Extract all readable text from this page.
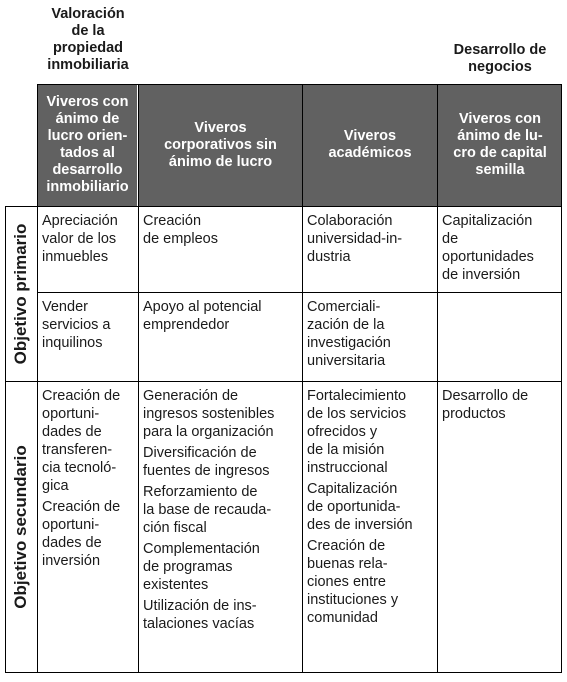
Valoración
de la
propiedad
inmobiliaria
Desarrollo de
negocios
Viveros con
ánimo de lucro orien-
tados al
desarrollo
inmobiliario
Viveros
corporativos sin
ánimo de lucro
Viveros
académicos
Viveros con
ánimo de lu-
cro de capital
semilla
Objetivo primario
Objetivo secundario

Apreciación
valor de los
inmuebles

Creación
de empleos

Colaboración
universidad-in-
dustria

Capitalización
de
oportunidades
de inversión

Vender
servicios a
inquilinos

Apoyo al potencial
emprendedor

Comerciali-
zación de la
investigación
universitaria

Creación de
oportuni-
dades de
transferen-
cia tecnoló-
gica

Creación de
oportuni-
dades de
inversión

Generación de
ingresos sostenibles
para la organización

Diversificación de
fuentes de ingresos

Reforzamiento de
la base de recauda-
ción fiscal

Complementación
de programas
existentes

Utilización de ins-
talaciones vacías

Fortalecimiento
de los servicios
ofrecidos y
de la misión
instruccional

Capitalización
de oportunida-
des de inversión

Creación de
buenas rela-
ciones entre
instituciones y
comunidad

Desarrollo de
productos
